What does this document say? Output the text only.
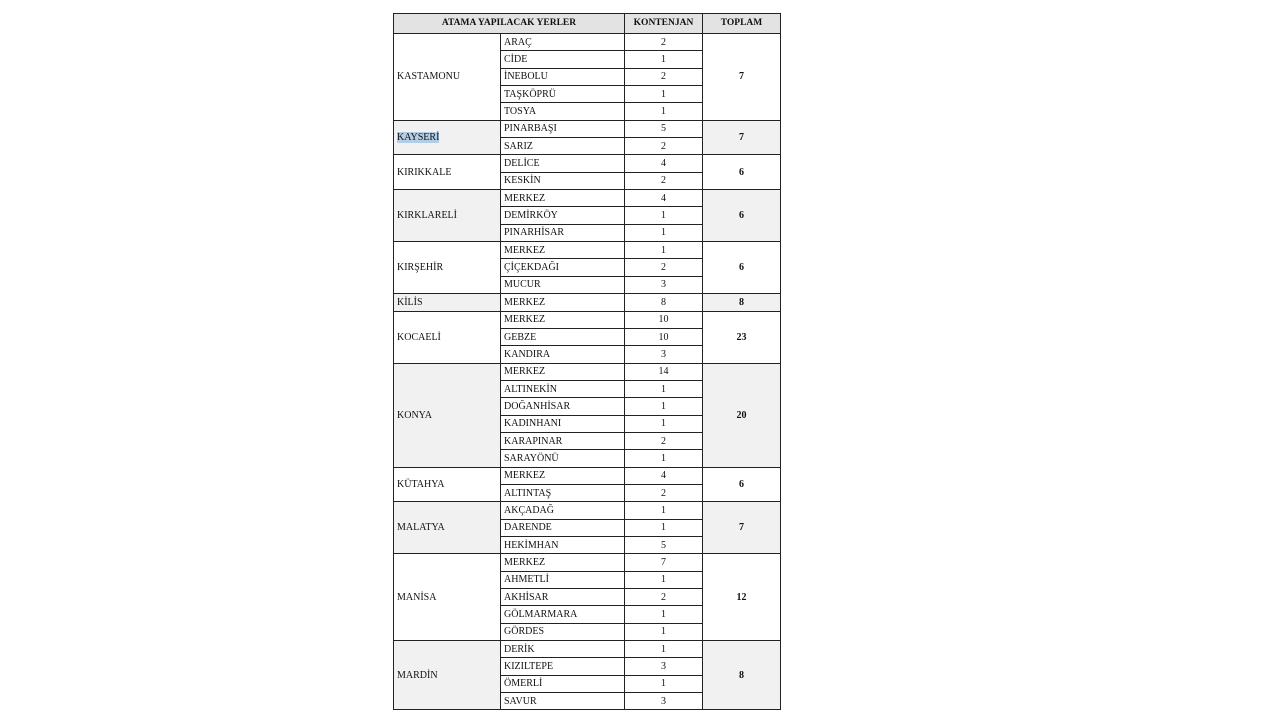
ATAMA YAPILACAK YERLER		KONTENJAN	TOPLAM
KASTAMONU	ARAÇ	2	7
	CİDE	1	
	İNEBOLU	2	
	TAŞKÖPRÜ	1	
	TOSYA	1	
KAYSERİ	PINARBAŞI	5	7
	SARIZ	2	
KIRIKKALE	DELİCE	4	6
	KESKİN	2	
KIRKLARELİ	MERKEZ	4	6
	DEMİRKÖY	1	
	PINARHİSAR	1	
KIRŞEHİR	MERKEZ	1	6
	ÇİÇEKDAĞI	2	
	MUCUR	3	
KİLİS	MERKEZ	8	8
KOCAELİ	MERKEZ	10	23
	GEBZE	10	
	KANDIRA	3	
KONYA	MERKEZ	14	20
	ALTINEKİN	1	
	DOĞANHİSAR	1	
	KADINHANI	1	
	KARAPINAR	2	
	SARAYÖNÜ	1	
KÜTAHYA	MERKEZ	4	6
	ALTINTAŞ	2	
MALATYA	AKÇADAĞ	1	7
	DARENDE	1	
	HEKİMHAN	5	
MANİSA	MERKEZ	7	12
	AHMETLİ	1	
	AKHİSAR	2	
	GÖLMARMARA	1	
	GÖRDES	1	
MARDİN	DERİK	1	8
	KIZILTEPE	3	
	ÖMERLİ	1	
	SAVUR	3	
